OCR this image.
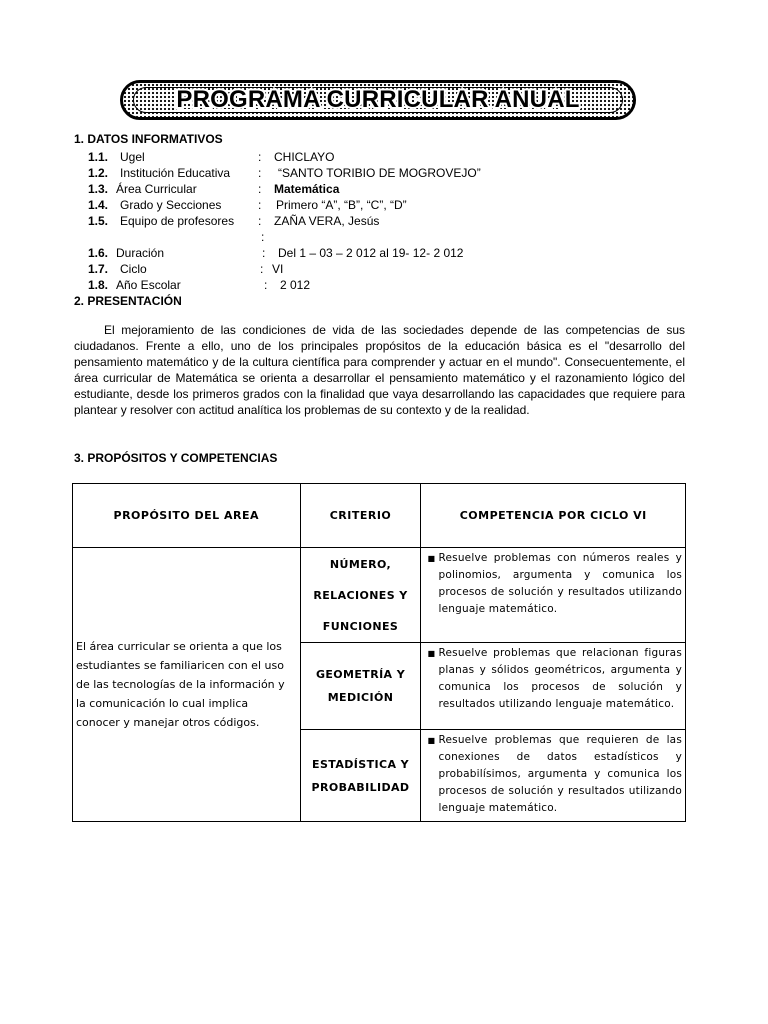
PROGRAMA CURRICULAR ANUAL
1. DATOS INFORMATIVOS
1.1. Ugel	: CHICLAYO
1.2. Institución Educativa : “SANTO TORIBIO DE MOGROVEJO”
1.3. Área Curricular	: Matemática
1.4. Grado y Secciones	: Primero “A”, “B”, “C”, “D”
1.5. Equipo de profesores : ZAÑA VERA, Jesús
:
1.6. Duración	: Del 1 – 03 – 2 012 al 19- 12- 2 012
1.7. Ciclo	: VI
1.8. Año Escolar	: 2 012
2. PRESENTACIÓN

El mejoramiento de las condiciones de vida de las sociedades depende de las competencias de sus ciudadanos. Frente a ello, uno de los principales propósitos de la educación básica es el "desarrollo del pensamiento matemático y de la cultura científica para comprender y actuar en el mundo". Consecuentemente, el área curricular de Matemática se orienta a desarrollar el pensamiento matemático y el razonamiento lógico del estudiante, desde los primeros grados con la finalidad que vaya desarrollando las capacidades que requiere para plantear y resolver con actitud analítica los problemas de su contexto y de la realidad.

3. PROPÓSITOS Y COMPETENCIAS
PROPÓSITO DEL AREA	CRITERIO	COMPETENCIA POR CICLO VI
El área curricular se orienta a que los estudiantes se familiaricen con el uso de las tecnologías de la información y la comunicación lo cual implica conocer y manejar otros códigos.	NÚMERO,
RELACIONES Y
FUNCIONES	■ Resuelve problemas con números reales y polinomios, argumenta y comunica los procesos de solución y resultados utilizando lenguaje matemático.

	GEOMETRÍA Y
MEDICIÓN	■ Resuelve problemas que relacionan figuras planas y sólidos geométricos, argumenta y comunica los procesos de solución y resultados utilizando lenguaje matemático.

	ESTADÍSTICA Y
PROBABILIDAD	■ Resuelve problemas que requieren de las conexiones de datos estadísticos y probabilísimos, argumenta y comunica los procesos de solución y resultados utilizando lenguaje matemático.
